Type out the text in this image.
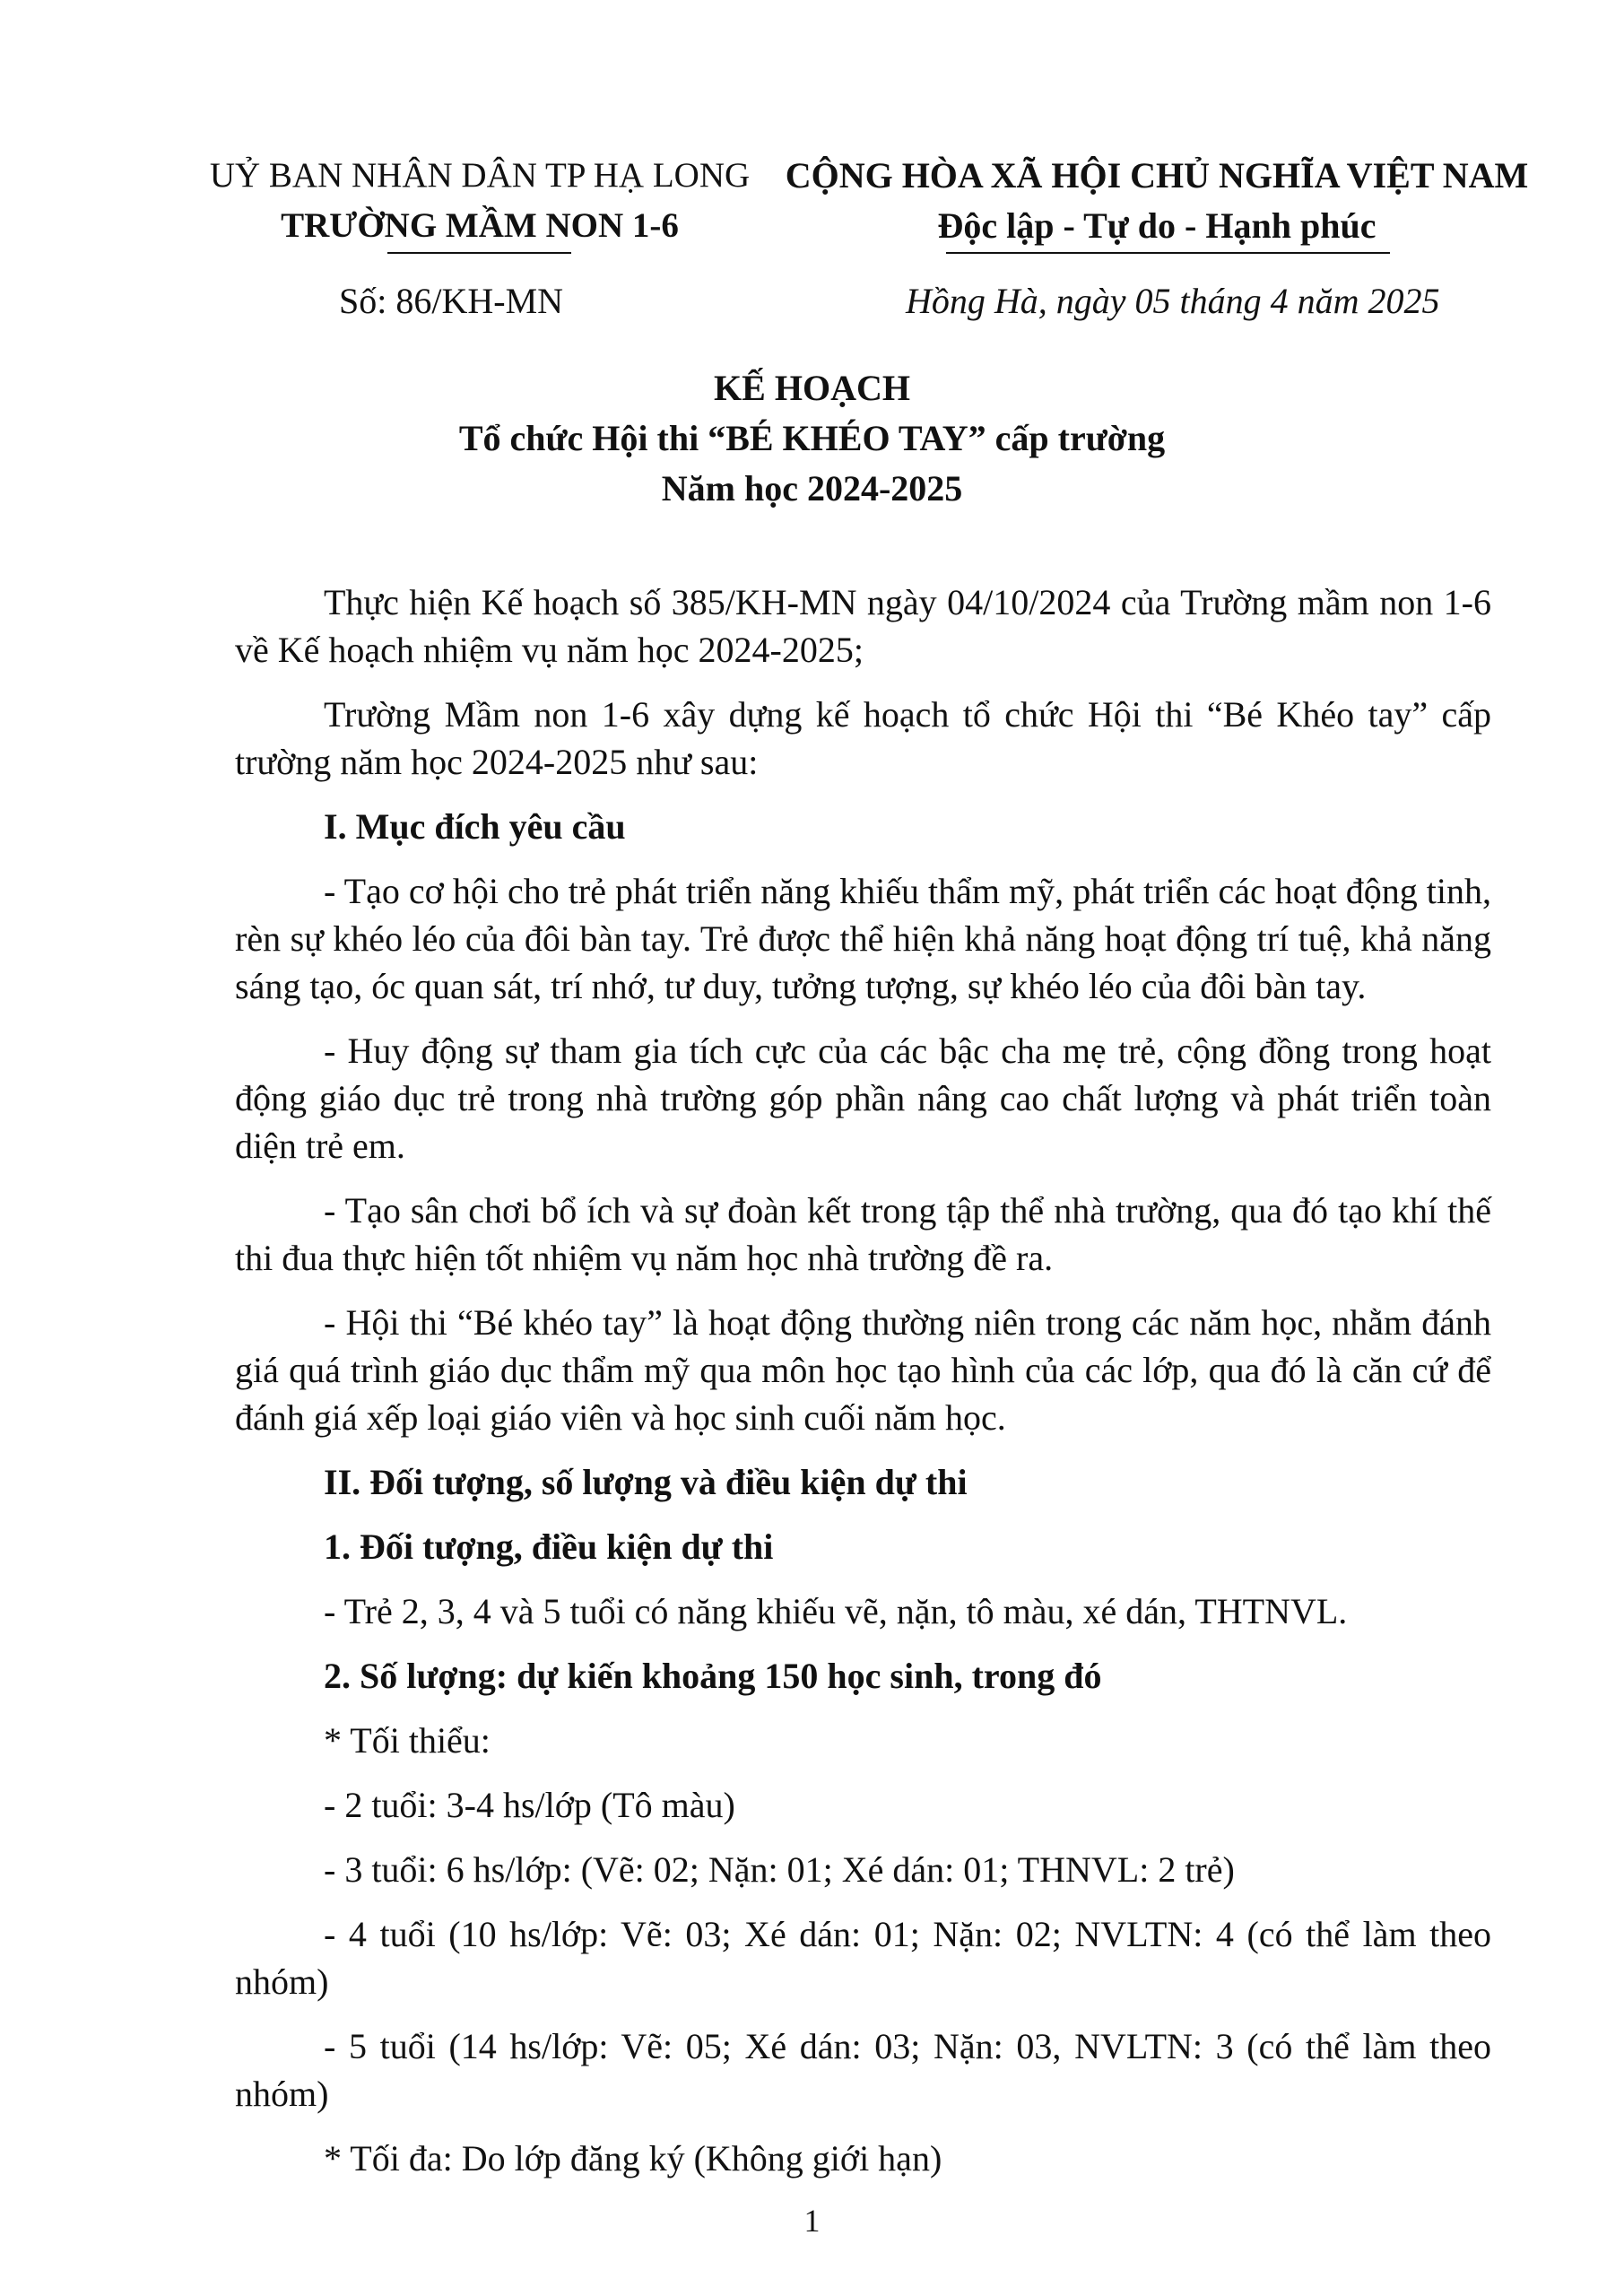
UỶ BAN NHÂN DÂN TP HẠ LONG
TRƯỜNG MẦM NON 1-6
CỘNG HÒA XÃ HỘI CHỦ NGHĨA VIỆT NAM
Độc lập - Tự do - Hạnh phúc
Số: 86/KH-MN	Hồng Hà, ngày 05 tháng 4 năm 2025
KẾ HOẠCH
Tổ chức Hội thi “BÉ KHÉO TAY” cấp trường
Năm học 2024-2025

Thực hiện Kế hoạch số 385/KH-MN ngày 04/10/2024 của Trường mầm non 1-6 về Kế hoạch nhiệm vụ năm học 2024-2025;

Trường Mầm non 1-6 xây dựng kế hoạch tổ chức Hội thi “Bé Khéo tay” cấp trường năm học 2024-2025 như sau:

I. Mục đích yêu cầu

- Tạo cơ hội cho trẻ phát triển năng khiếu thẩm mỹ, phát triển các hoạt động tinh, rèn sự khéo léo của đôi bàn tay. Trẻ được thể hiện khả năng hoạt động trí tuệ, khả năng sáng tạo, óc quan sát, trí nhớ, tư duy, tưởng tượng, sự khéo léo của đôi bàn tay.

- Huy động sự tham gia tích cực của các bậc cha mẹ trẻ, cộng đồng trong hoạt động giáo dục trẻ trong nhà trường góp phần nâng cao chất lượng và phát triển toàn diện trẻ em.

- Tạo sân chơi bổ ích và sự đoàn kết trong tập thể nhà trường, qua đó tạo khí thế thi đua thực hiện tốt nhiệm vụ năm học nhà trường đề ra.

- Hội thi “Bé khéo tay” là hoạt động thường niên trong các năm học, nhằm đánh giá quá trình giáo dục thẩm mỹ qua môn học tạo hình của các lớp, qua đó là căn cứ để đánh giá xếp loại giáo viên và học sinh cuối năm học.

II. Đối tượng, số lượng và điều kiện dự thi

1. Đối tượng, điều kiện dự thi

- Trẻ 2, 3, 4 và 5 tuổi có năng khiếu vẽ, nặn, tô màu, xé dán, THTNVL.

2. Số lượng: dự kiến khoảng 150 học sinh, trong đó

* Tối thiểu:

- 2 tuổi: 3-4 hs/lớp (Tô màu)

- 3 tuổi: 6 hs/lớp: (Vẽ: 02; Nặn: 01; Xé dán: 01; THNVL: 2 trẻ)

- 4 tuổi (10 hs/lớp: Vẽ: 03; Xé dán: 01; Nặn: 02; NVLTN: 4 (có thể làm theo nhóm)

- 5 tuổi (14 hs/lớp: Vẽ: 05; Xé dán: 03; Nặn: 03, NVLTN: 3 (có thể làm theo nhóm)

* Tối đa: Do lớp đăng ký (Không giới hạn)

1
